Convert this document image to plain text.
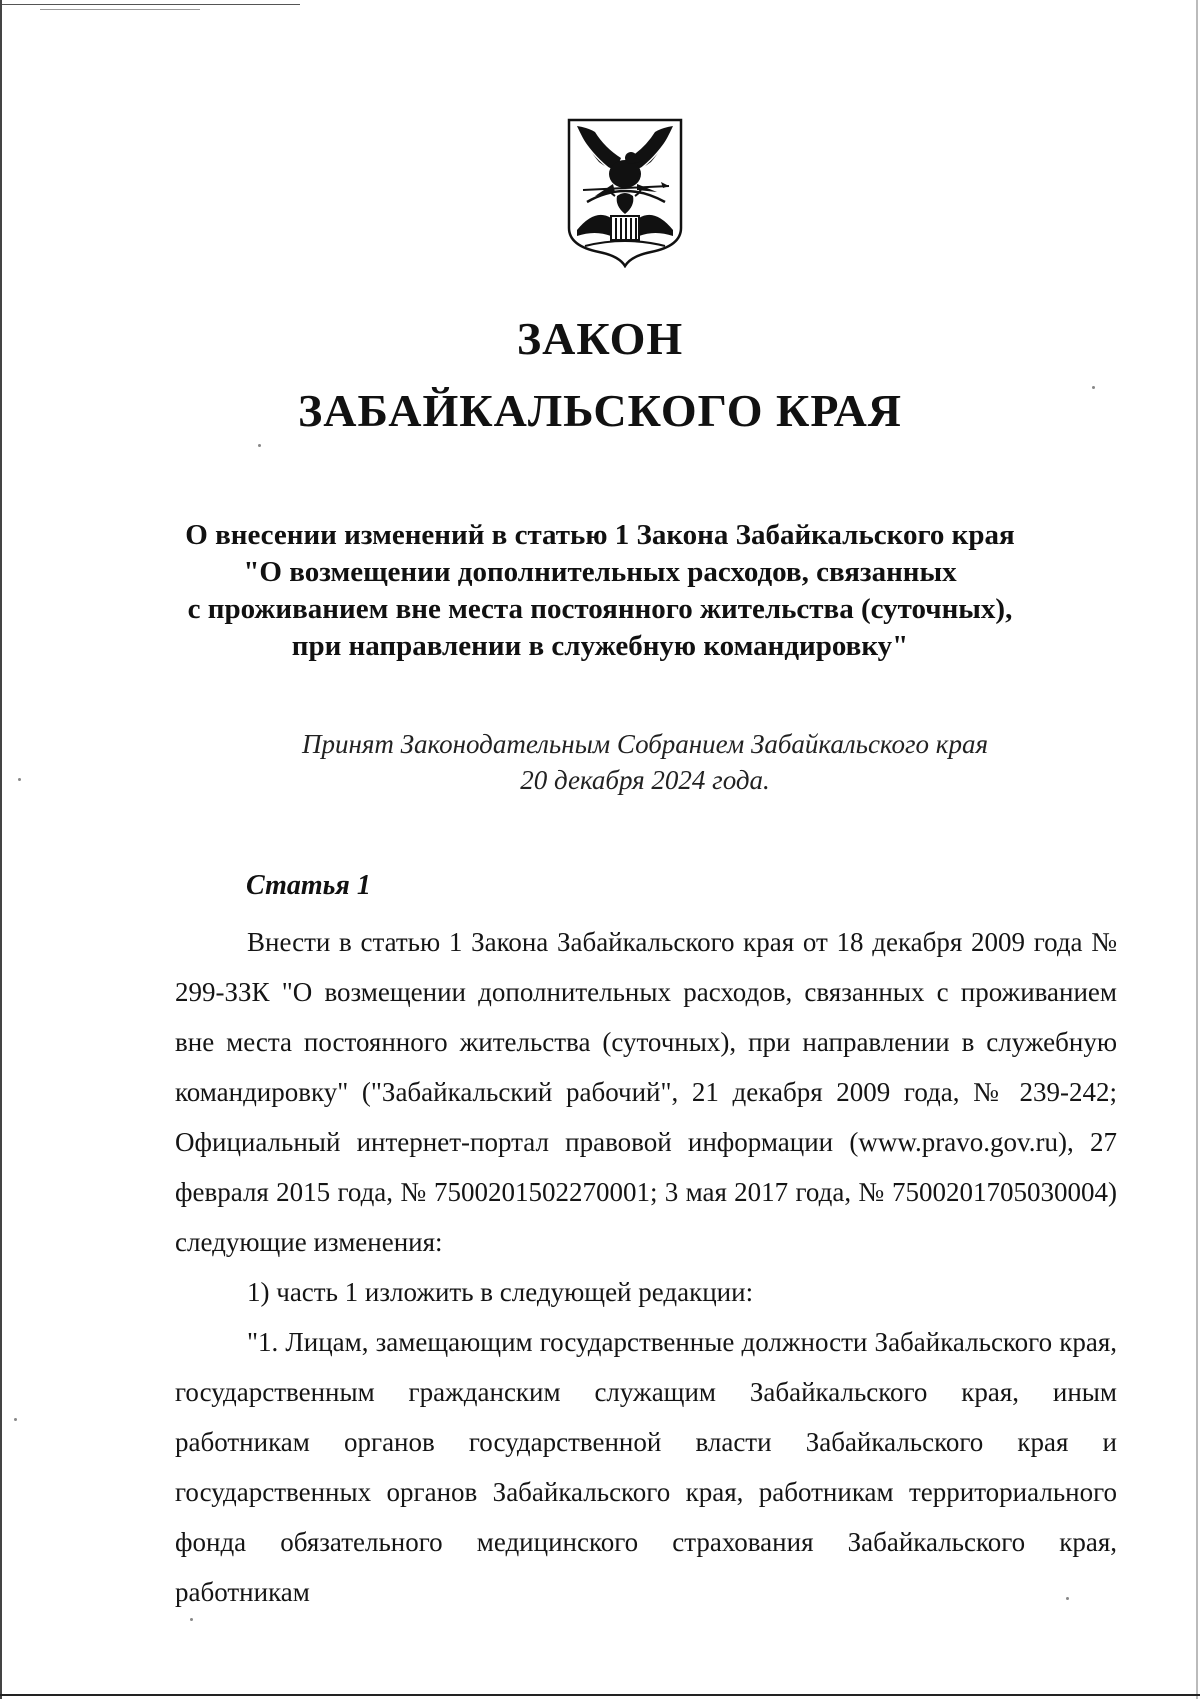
ЗАКОН
ЗАБАЙКАЛЬСКОГО КРАЯ
О внесении изменений в статью 1 Закона Забайкальского края
"О возмещении дополнительных расходов, связанных
с проживанием вне места постоянного жительства (суточных),
при направлении в служебную командировку"
Принят Законодательным Собранием Забайкальского края
20 декабря 2024 года.
Статья 1

Внести в статью 1 Закона Забайкальского края от 18 декабря 2009 года № 299-ЗЗК "О возмещении дополнительных расходов, связанных с проживанием вне места постоянного жительства (суточных), при направлении в служебную командировку" ("Забайкальский рабочий", 21 декабря 2009 года, № 239-242; Официальный интернет-портал правовой информации (www.pravo.gov.ru), 27 февраля 2015 года, № 7500201502270001; 3 мая 2017 года, № 7500201705030004) следующие изменения:

1) часть 1 изложить в следующей редакции:

"1. Лицам, замещающим государственные должности Забайкальского края, государственным гражданским служащим Забайкальского края, иным работникам органов государственной власти Забайкальского края и государственных органов Забайкальского края, работникам территориального фонда обязательного медицинского страхования Забайкальского края, работникам
